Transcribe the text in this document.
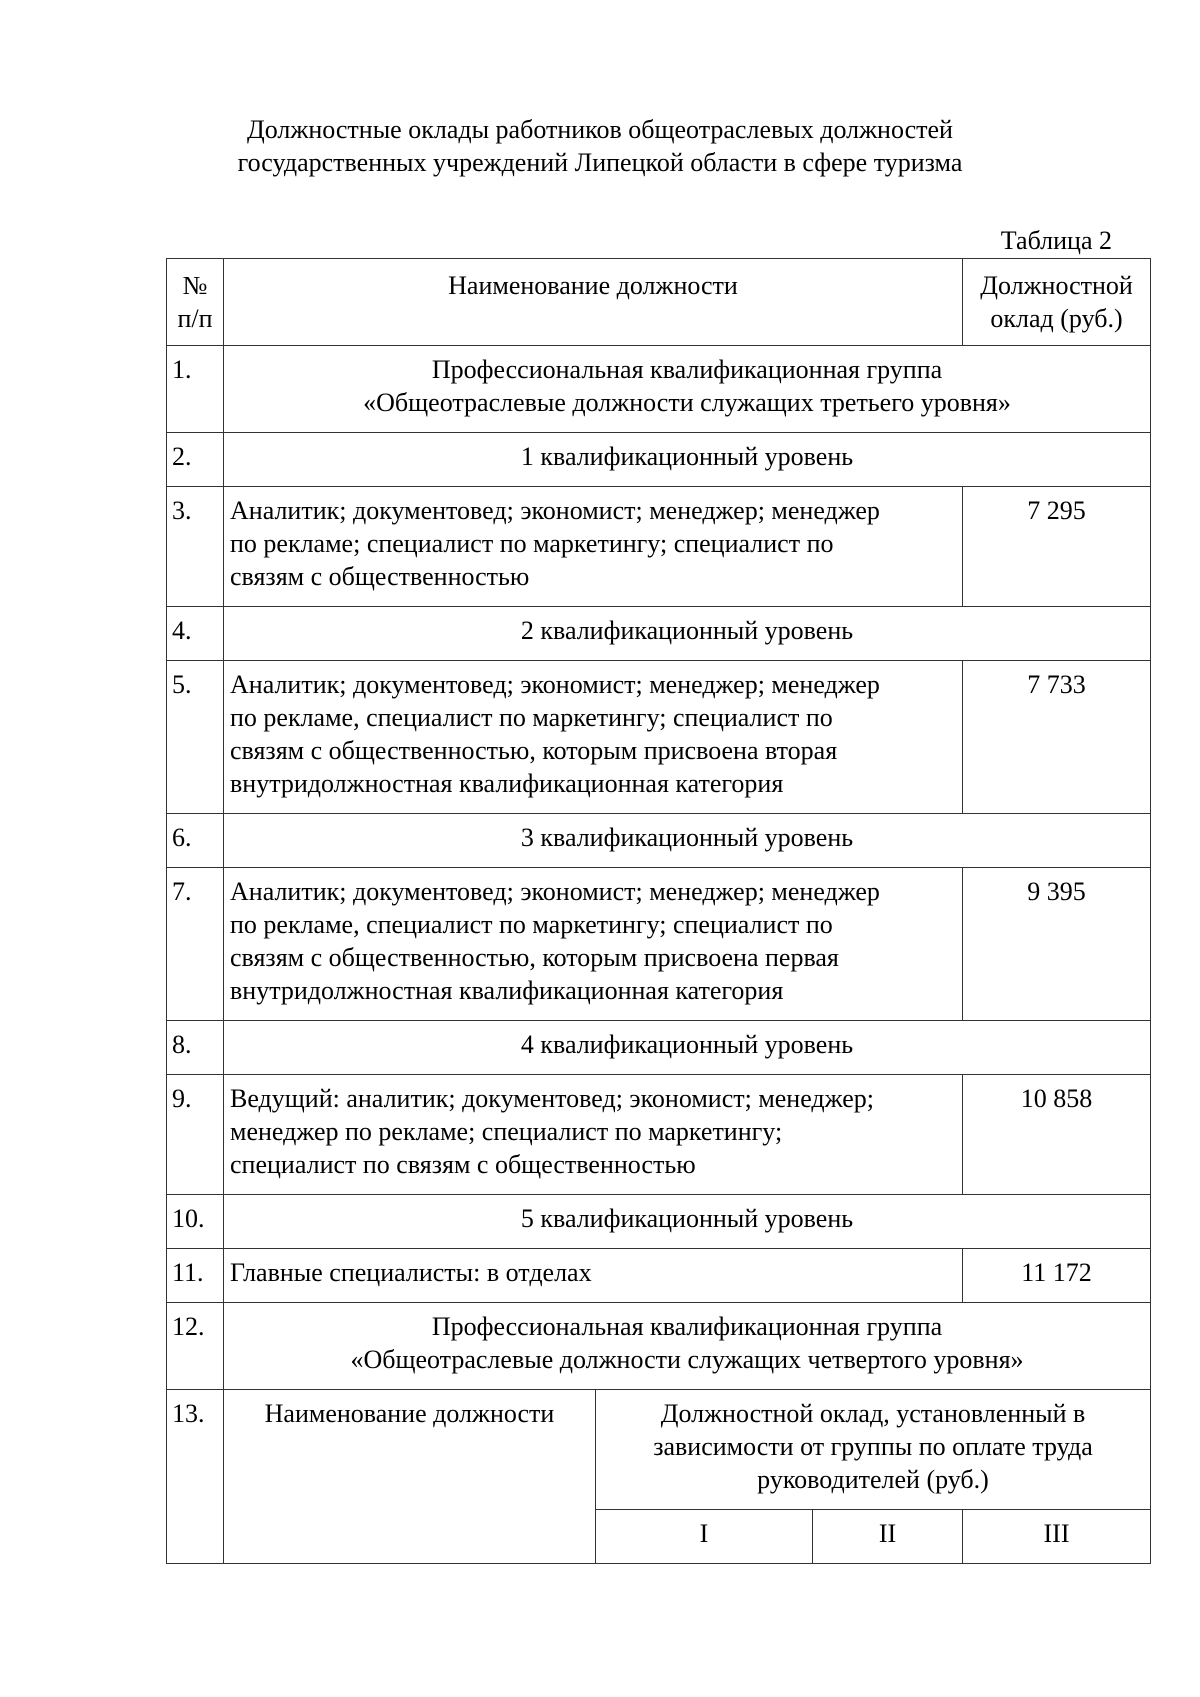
Должностные оклады работников общеотраслевых должностей
государственных учреждений Липецкой области в сфере туризма
Таблица 2
№
п/п	Наименование должности			Должностной
оклад (руб.)

1.	Профессиональная квалификационная группа
«Общеотраслевые должности служащих третьего уровня»			

2.	1 квалификационный уровень			
3.	Аналитик; документовед; экономист; менеджер; менеджер
по рекламе; специалист по маркетингу; специалист по
связям с общественностью			7 295
4.	2 квалификационный уровень			
5.	Аналитик; документовед; экономист; менеджер; менеджер
по рекламе, специалист по маркетингу; специалист по
связям с общественностью, которым присвоена вторая
внутридолжностная квалификационная категория			7 733
6.	3 квалификационный уровень			
7.	Аналитик; документовед; экономист; менеджер; менеджер
по рекламе, специалист по маркетингу; специалист по
связям с общественностью, которым присвоена первая
внутридолжностная квалификационная категория			9 395
8.	4 квалификационный уровень			
9.	Ведущий: аналитик; документовед; экономист; менеджер;
менеджер по рекламе; специалист по маркетингу;
специалист по связям с общественностью			10 858
10.	5 квалификационный уровень			
11.	Главные специалисты: в отделах			11 172
12.	Профессиональная квалификационная группа
«Общеотраслевые должности служащих четвертого уровня»			

13.	Наименование должности	Должностной оклад, установленный в
зависимости от группы по оплате труда
руководителей (руб.)		

		I	II	III
